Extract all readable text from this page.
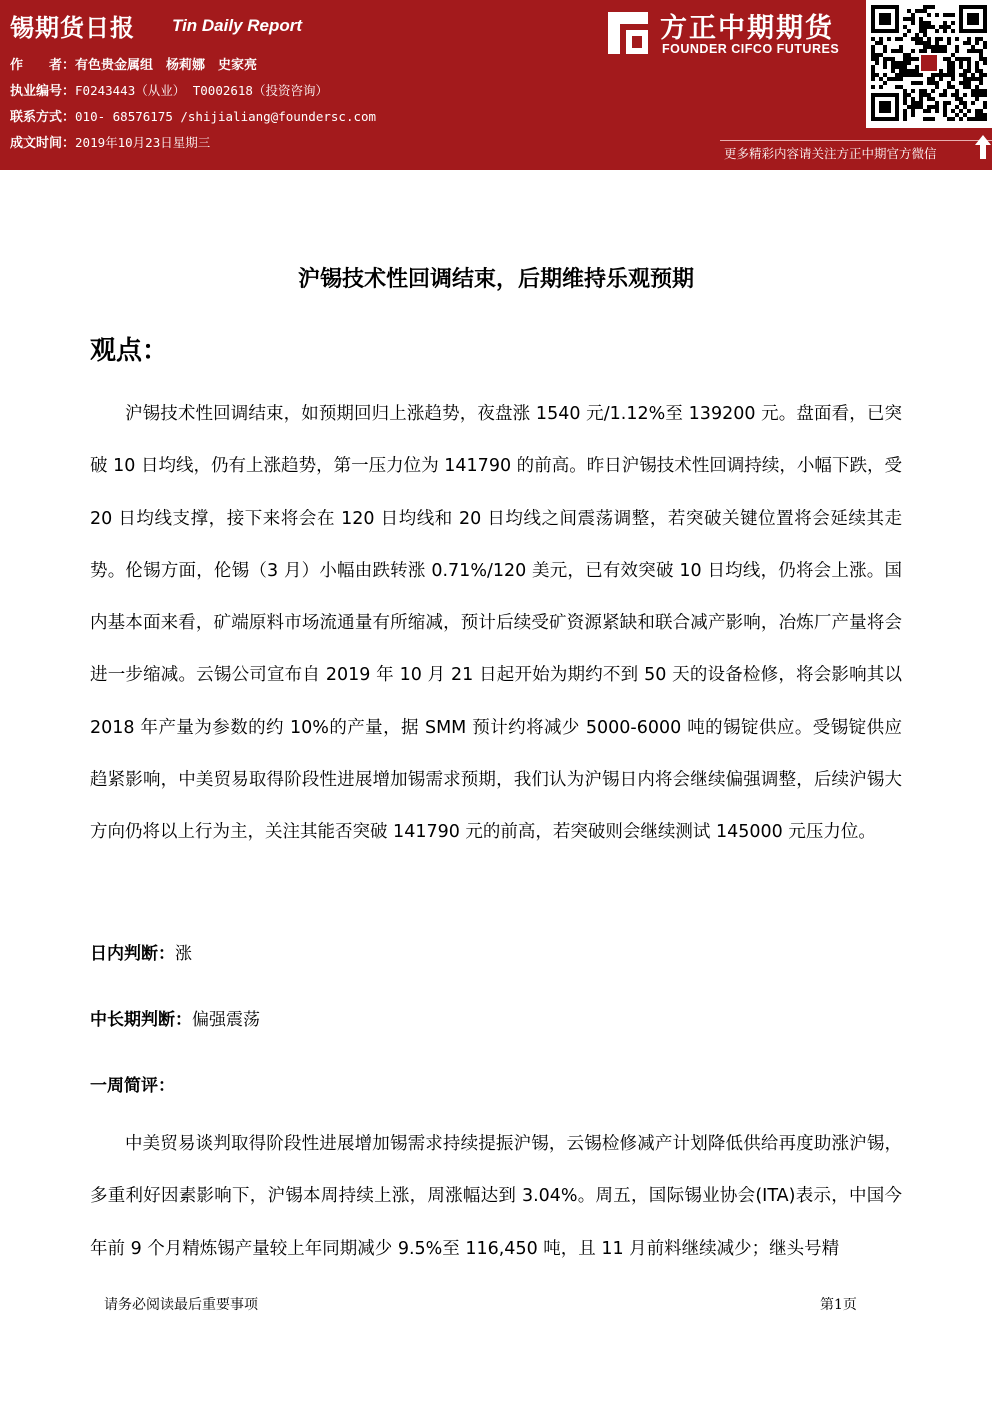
锡期货日报 Tin Daily Report
作　　者：有色贵金属组　杨莉娜　史家亮
执业编号：F0243443（从业） T0002618（投资咨询）
联系方式：010- 68576175 /shijialiang@foundersc.com
成文时间：2019年10月23日星期三
方正中期期货
FOUNDER CIFCO FUTURES
更多精彩内容请关注方正中期官方微信
沪锡技术性回调结束，后期维持乐观预期
观点：

沪锡技术性回调结束，如预期回归上涨趋势，夜盘涨 1540 元/1.12%至 139200 元。盘面看，已突破 10 日均线，仍有上涨趋势，第一压力位为 141790 的前高。昨日沪锡技术性回调持续，小幅下跌，受 20 日均线支撑，接下来将会在 120 日均线和 20 日均线之间震荡调整，若突破关键位置将会延续其走势。伦锡方面，伦锡（3 月）小幅由跌转涨 0.71%/120 美元，已有效突破 10 日均线，仍将会上涨。国内基本面来看，矿端原料市场流通量有所缩减，预计后续受矿资源紧缺和联合减产影响，冶炼厂产量将会进一步缩减。云锡公司宣布自 2019 年 10 月 21 日起开始为期约不到 50 天的设备检修，将会影响其以 2018 年产量为参数的约 10%的产量，据 SMM 预计约将减少 5000-6000 吨的锡锭供应。受锡锭供应趋紧影响，中美贸易取得阶段性进展增加锡需求预期，我们认为沪锡日内将会继续偏强调整，后续沪锡大方向仍将以上行为主，关注其能否突破 141790 元的前高，若突破则会继续测试 145000 元压力位。

日内判断：涨
中长期判断：偏强震荡
一周简评：

中美贸易谈判取得阶段性进展增加锡需求持续提振沪锡，云锡检修减产计划降低供给再度助涨沪锡，多重利好因素影响下，沪锡本周持续上涨，周涨幅达到 3.04%。周五，国际锡业协会(ITA)表示，中国今年前 9 个月精炼锡产量较上年同期减少 9.5%至 116,450 吨，且 11 月前料继续减少；继头号精

请务必阅读最后重要事项	第1页
